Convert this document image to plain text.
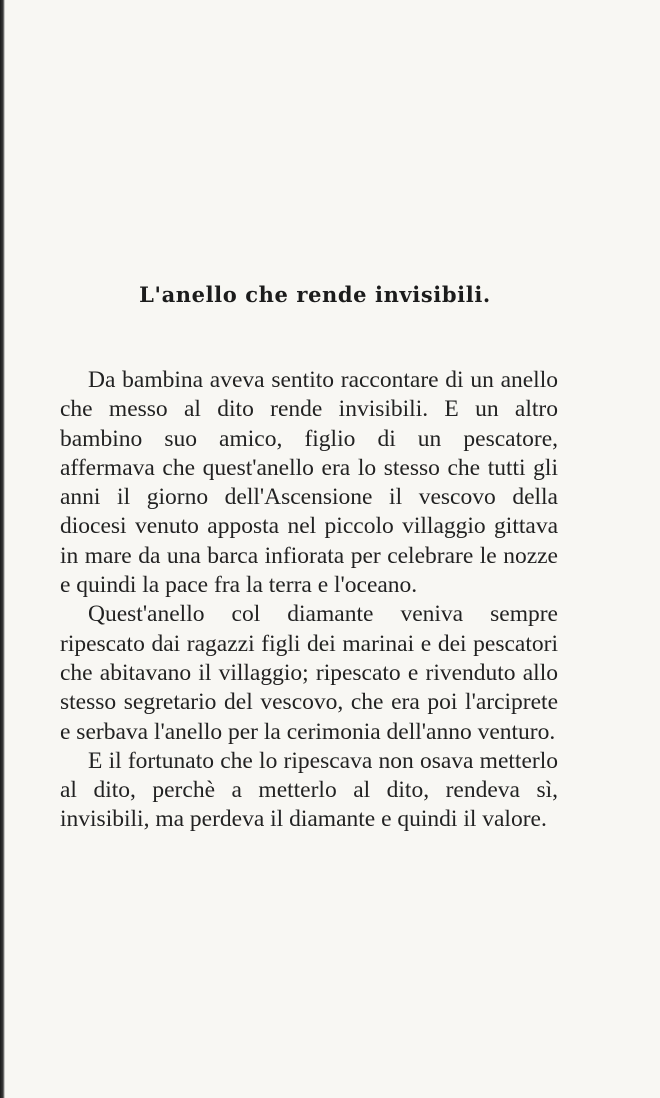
L'anello che rende invisibili.

Da bambina aveva sentito raccontare di un anello che messo al dito rende invisibili. E un altro bambino suo amico, figlio di un pescatore, affermava che quest'anello era lo stesso che tutti gli anni il giorno dell'Ascensione il vescovo della diocesi venuto apposta nel piccolo villaggio gittava in mare da una barca infiorata per celebrare le nozze e quindi la pace fra la terra e l'oceano.

Quest'anello col diamante veniva sempre ripescato dai ragazzi figli dei marinai e dei pescatori che abitavano il villaggio; ripescato e rivenduto allo stesso segretario del vescovo, che era poi l'arciprete e serbava l'anello per la cerimonia dell'anno venturo.

E il fortunato che lo ripescava non osava metterlo al dito, perchè a metterlo al dito, rendeva sì, invisibili, ma perdeva il diamante e quindi il valore.
